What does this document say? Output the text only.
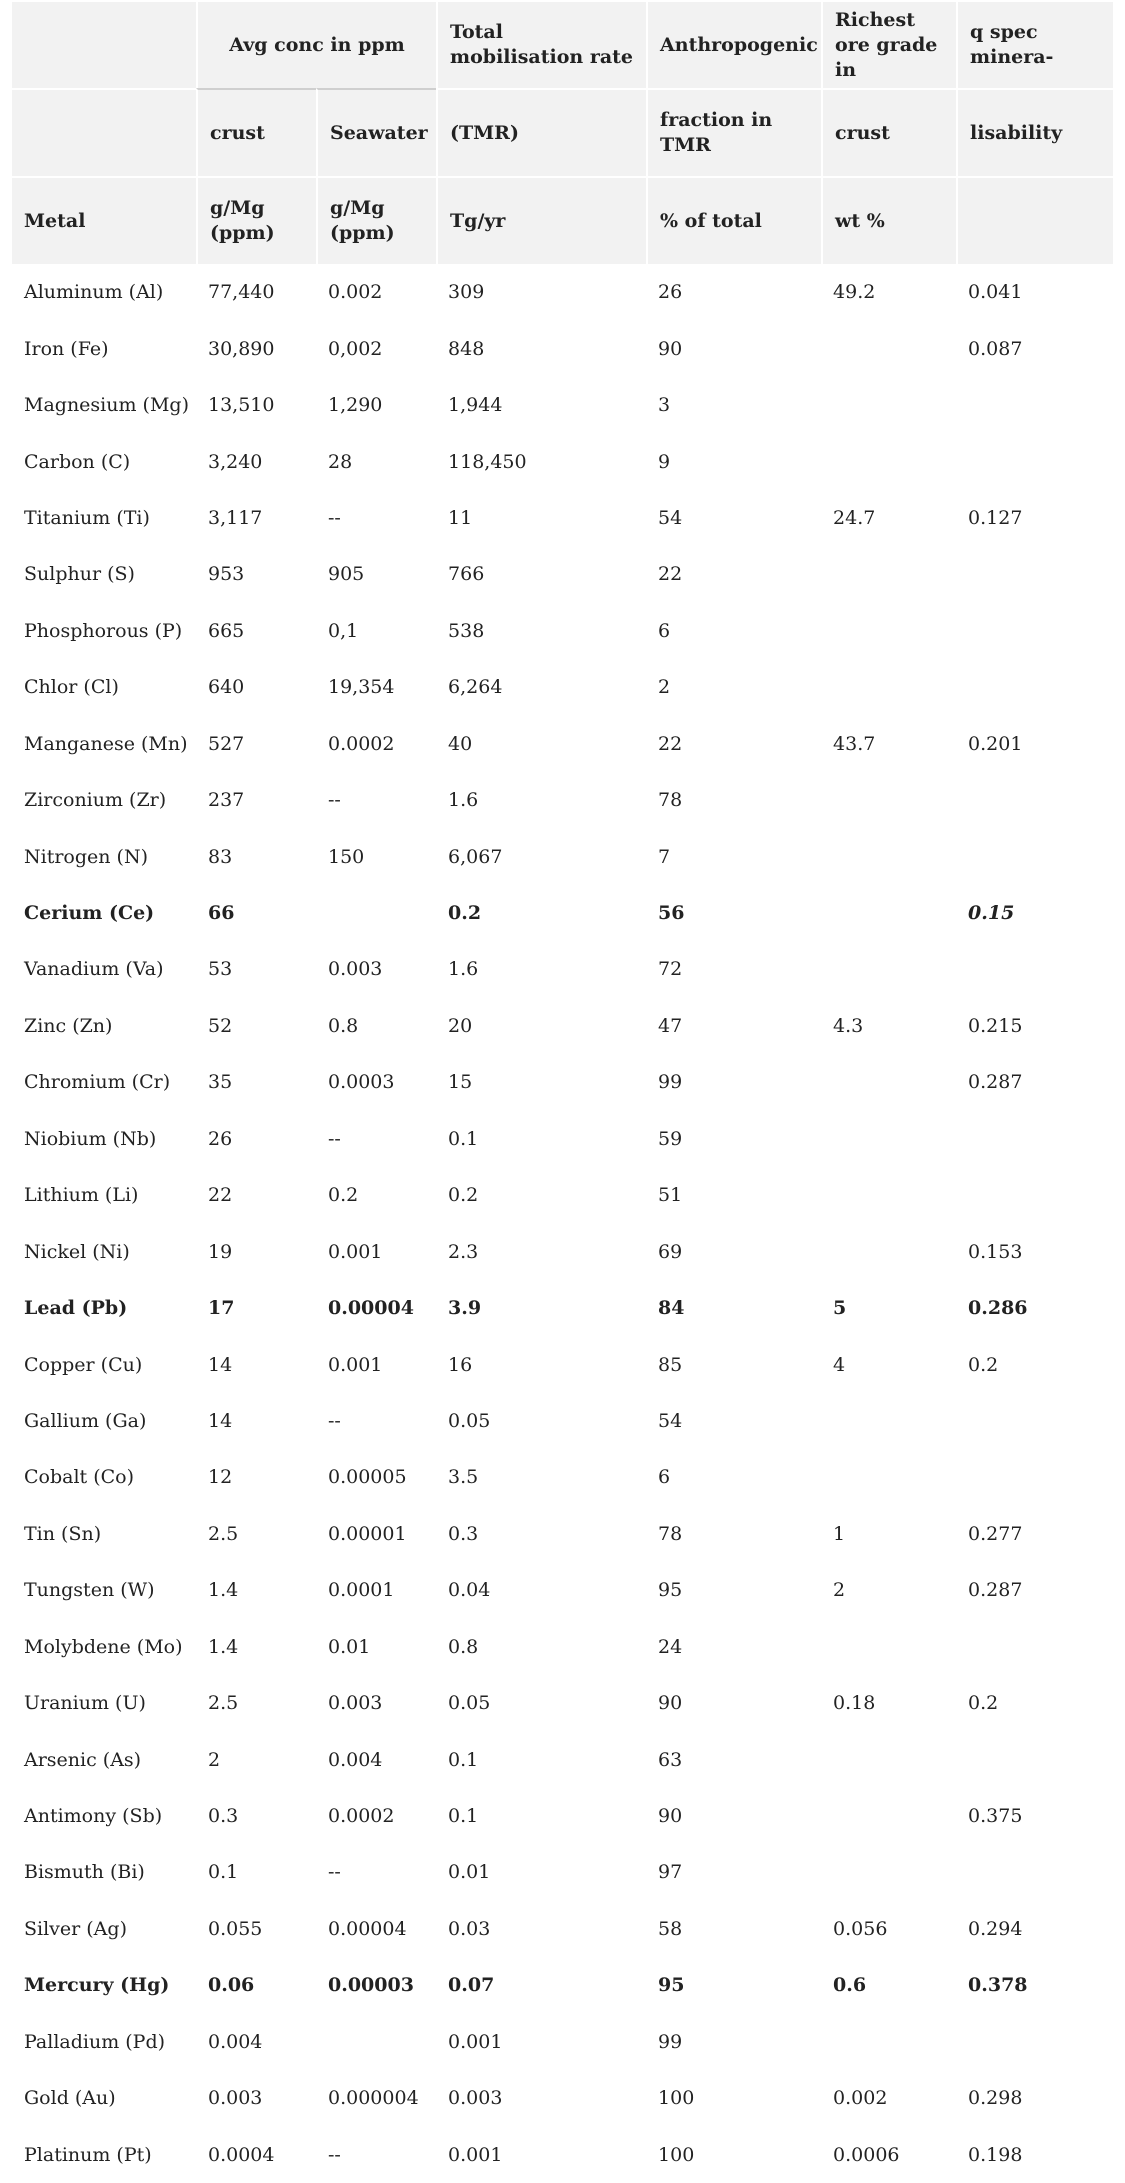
	Avg conc in ppm		Total mobilisation rate	Anthropogenic	Richest ore grade in	q spec minera-
	crust	Seawater	(TMR)	fraction in TMR	crust	lisability
Metal	g/Mg (ppm)	g/Mg (ppm)	Tg/yr	% of total	wt %	
Aluminum (Al)	77,440	0.002	309	26	49.2	0.041
Iron (Fe)	30,890	0,002	848	90		0.087
Magnesium (Mg)	13,510	1,290	1,944	3		
Carbon (C)	3,240	28	118,450	9		
Titanium (Ti)	3,117	--	11	54	24.7	0.127
Sulphur (S)	953	905	766	22		
Phosphorous (P)	665	0,1	538	6		
Chlor (Cl)	640	19,354	6,264	2		
Manganese (Mn)	527	0.0002	40	22	43.7	0.201
Zirconium (Zr)	237	--	1.6	78		
Nitrogen (N)	83	150	6,067	7		
Cerium (Ce)	66		0.2	56		0.15
Vanadium (Va)	53	0.003	1.6	72		
Zinc (Zn)	52	0.8	20	47	4.3	0.215
Chromium (Cr)	35	0.0003	15	99		0.287
Niobium (Nb)	26	--	0.1	59		
Lithium (Li)	22	0.2	0.2	51		
Nickel (Ni)	19	0.001	2.3	69		0.153
Lead (Pb)	17	0.00004	3.9	84	5	0.286
Copper (Cu)	14	0.001	16	85	4	0.2
Gallium (Ga)	14	--	0.05	54		
Cobalt (Co)	12	0.00005	3.5	6		
Tin (Sn)	2.5	0.00001	0.3	78	1	0.277
Tungsten (W)	1.4	0.0001	0.04	95	2	0.287
Molybdene (Mo)	1.4	0.01	0.8	24		
Uranium (U)	2.5	0.003	0.05	90	0.18	0.2
Arsenic (As)	2	0.004	0.1	63		
Antimony (Sb)	0.3	0.0002	0.1	90		0.375
Bismuth (Bi)	0.1	--	0.01	97		
Silver (Ag)	0.055	0.00004	0.03	58	0.056	0.294
Mercury (Hg)	0.06	0.00003	0.07	95	0.6	0.378
Palladium (Pd)	0.004		0.001	99		
Gold (Au)	0.003	0.000004	0.003	100	0.002	0.298
Platinum (Pt)	0.0004	--	0.001	100	0.0006	0.198
